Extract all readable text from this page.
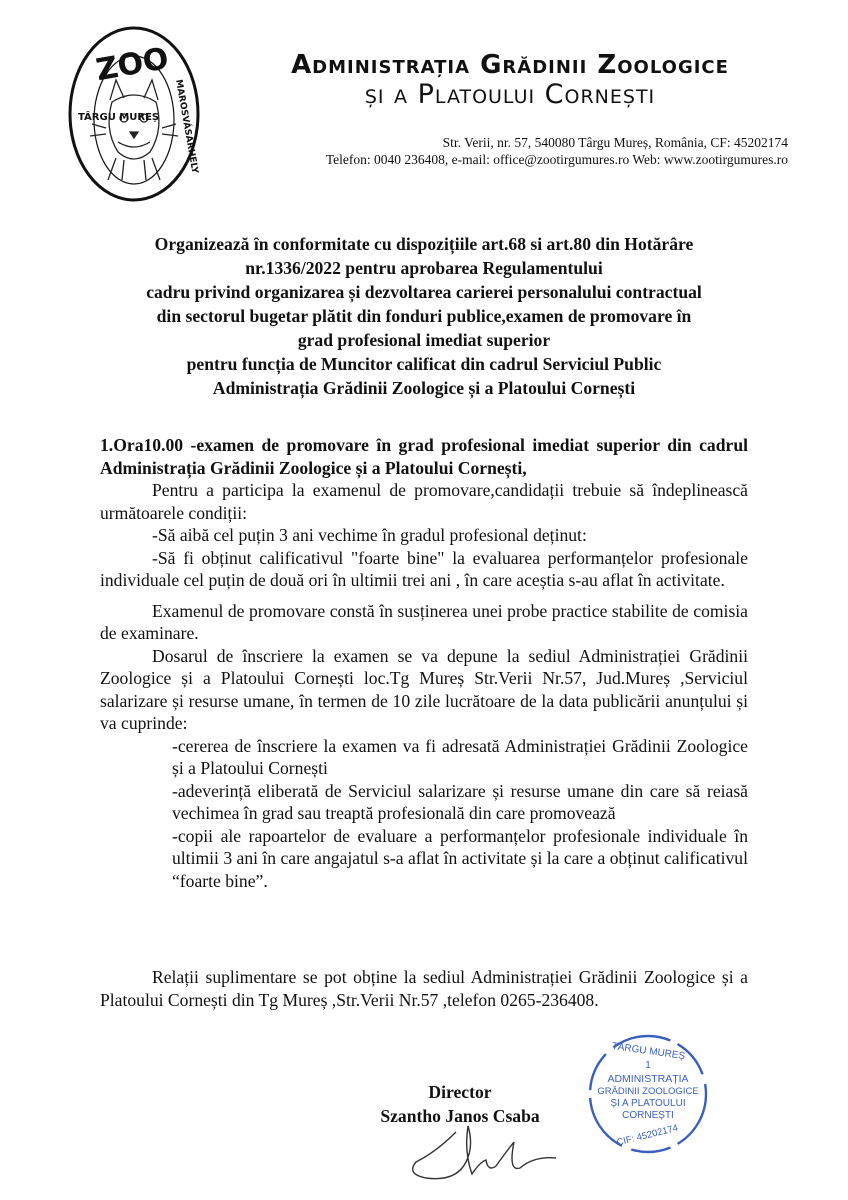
ZOO
TÂRGU MUREȘ MAROSVÁSÁRHELY
Administrația Grădinii Zoologice
și a Platoului Cornești
Str. Verii, nr. 57, 540080 Târgu Mureș, România, CF: 45202174
Telefon: 0040 236408, e-mail: office@zootirgumures.ro Web: www.zootirgumures.ro

Organizează în conformitate cu dispozițiile art.68 si art.80 din Hotărâre

nr.1336/2022 pentru aprobarea Regulamentului

cadru privind organizarea și dezvoltarea carierei personalului contractual

din sectorul bugetar plătit din fonduri publice,examen de promovare în

grad profesional imediat superior

pentru funcția de Muncitor calificat din cadrul Serviciul Public

Administrația Grădinii Zoologice și a Platoului Cornești

1.Ora10.00 -examen de promovare în grad profesional imediat superior din cadrul Administrația Grădinii Zoologice și a Platoului Cornești,

Pentru a participa la examenul de promovare,candidații trebuie să îndeplinească următoarele condiții:

-Să aibă cel puțin 3 ani vechime în gradul profesional deținut:

-Să fi obținut calificativul "foarte bine" la evaluarea performanțelor profesionale individuale cel puțin de două ori în ultimii trei ani , în care aceștia s-au aflat în activitate.

Examenul de promovare constă în susținerea unei probe practice stabilite de comisia de examinare.

Dosarul de înscriere la examen se va depune la sediul Administrației Grădinii Zoologice și a Platoului Cornești loc.Tg Mureș Str.Verii Nr.57, Jud.Mureș ,Serviciul salarizare și resurse umane, în termen de 10 zile lucrătoare de la data publicării anunțului și va cuprinde:

-cererea de înscriere la examen va fi adresată Administrației Grădinii Zoologice și a Platoului Cornești

-adeverință eliberată de Serviciul salarizare și resurse umane din care să reiasă vechimea în grad sau treaptă profesională din care promovează

-copii ale rapoartelor de evaluare a performanțelor profesionale individuale în ultimii 3 ani în care angajatul s-a aflat în activitate și la care a obținut calificativul “foarte bine”.

Relații suplimentare se pot obține la sediul Administrației Grădinii Zoologice și a Platoului Cornești din Tg Mureș ,Str.Verii Nr.57 ,telefon 0265-236408.
Director
Szantho Janos Csaba
TÂRGU MUREȘ
1
ADMINISTRAȚIA
GRĂDINII ZOOLOGICE
ȘI A PLATOULUI
CORNEȘTI
CIF: 45202174
